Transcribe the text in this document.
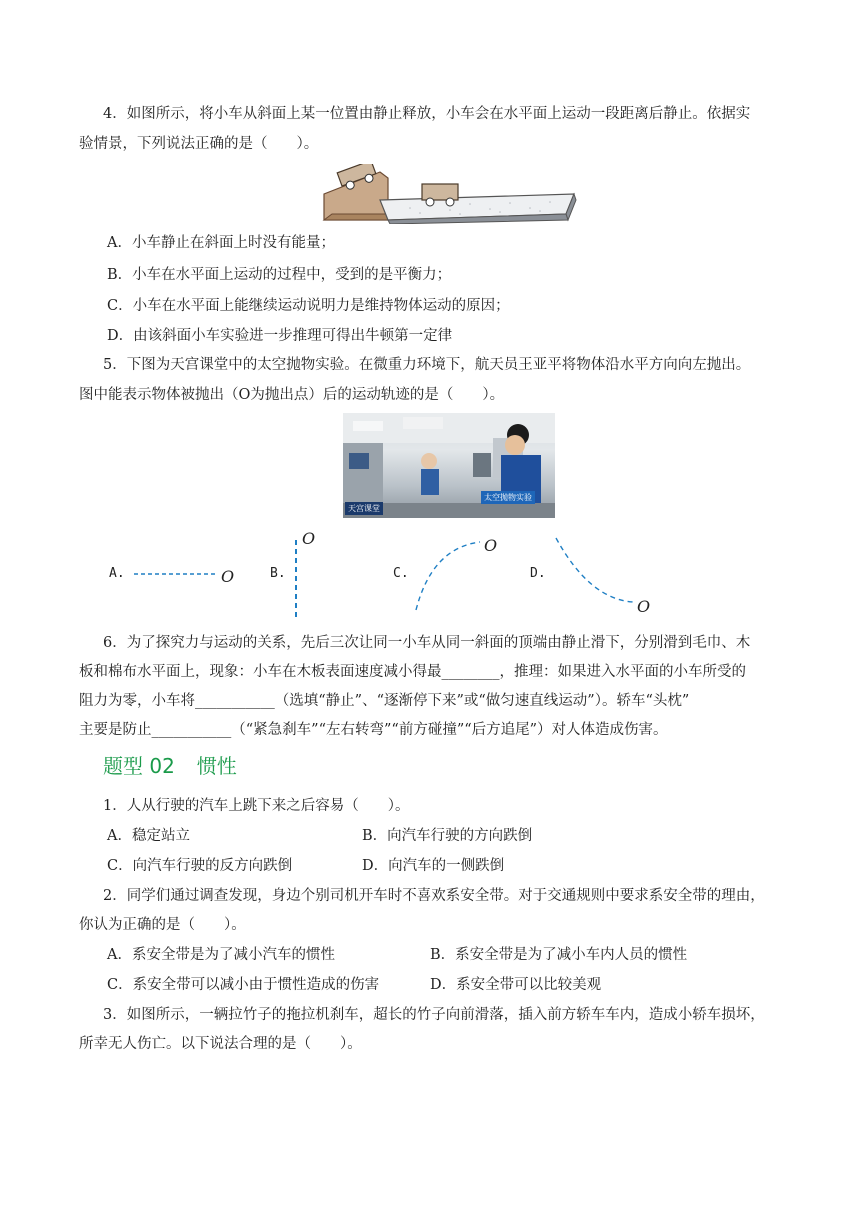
4．如图所示，将小车从斜面上某一位置由静止释放，小车会在水平面上运动一段距离后静止。依据实
验情景，下列说法正确的是（　　）。
A．小车静止在斜面上时没有能量；
B．小车在水平面上运动的过程中，受到的是平衡力；
C．小车在水平面上能继续运动说明力是维持物体运动的原因；
D．由该斜面小车实验进一步推理可得出牛顿第一定律
5．下图为天宫课堂中的太空抛物实验。在微重力环境下，航天员王亚平将物体沿水平方向向左抛出。
图中能表示物体被抛出（O为抛出点）后的运动轨迹的是（　　）。
天宫课堂
太空抛物实验
A.	B.	C.	D.
O
O	O
O
6．为了探究力与运动的关系，先后三次让同一小车从同一斜面的顶端由静止滑下，分别滑到毛巾、木
板和棉布水平面上，现象：小车在木板表面速度减小得最________，推理：如果进入水平面的小车所受的
阻力为零，小车将___________（选填“静止”、“逐渐停下来”或“做匀速直线运动”）。轿车“头枕”
主要是防止___________（“紧急刹车”“左右转弯”“前方碰撞”“后方追尾”）对人体造成伤害。
题型 02 惯性
1．人从行驶的汽车上跳下来之后容易（　　）。
A．稳定站立	B．向汽车行驶的方向跌倒
C．向汽车行驶的反方向跌倒	D．向汽车的一侧跌倒
2．同学们通过调查发现，身边个别司机开车时不喜欢系安全带。对于交通规则中要求系安全带的理由，
你认为正确的是（　　）。
A．系安全带是为了减小汽车的惯性	B．系安全带是为了减小车内人员的惯性
C．系安全带可以减小由于惯性造成的伤害	D．系安全带可以比较美观
3．如图所示，一辆拉竹子的拖拉机刹车，超长的竹子向前滑落，插入前方轿车车内，造成小轿车损坏，
所幸无人伤亡。以下说法合理的是（　　）。
